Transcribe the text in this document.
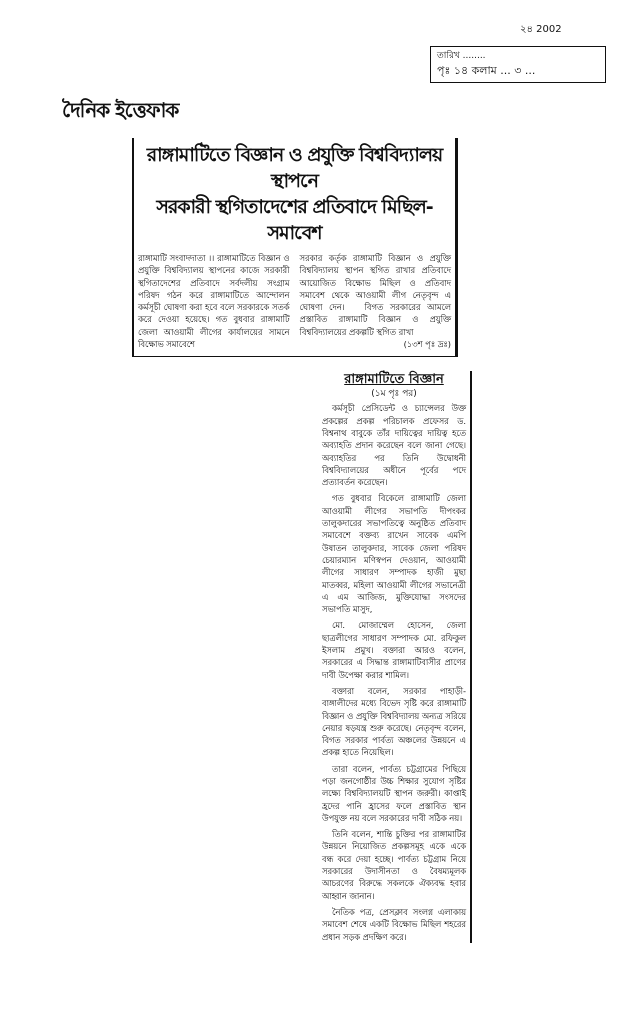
২৪ 2002
তারিখ ........
পৃঃ ১৪ কলাম ... ৩ ...
দৈনিক ইত্তেফাক
রাঙ্গামাটিতে বিজ্ঞান ও প্রযুক্তি বিশ্ববিদ্যালয় স্থাপনে
সরকারী স্থগিতাদেশের প্রতিবাদে মিছিল-সমাবেশ
রাঙ্গামাটি সংবাদদাতা ।। রাঙ্গামাটিতে বিজ্ঞান ও প্রযুক্তি বিশ্ববিদ্যালয় স্থাপনের কাজে সরকারী স্থগিতাদেশের প্রতিবাদে সর্বদলীয় সংগ্রাম পরিষদ গঠন করে রাঙ্গামাটিতে আন্দোলন কর্মসূচী ঘোষণা করা হবে বলে সরকারকে সতর্ক করে দেওয়া হয়েছে। গত বুধবার রাঙ্গামাটি জেলা আওয়ামী লীগের কার্যালয়ের সামনে বিক্ষোভ সমাবেশে
সরকার কর্তৃক রাঙ্গামাটি বিজ্ঞান ও প্রযুক্তি বিশ্ববিদ্যালয় স্থাপন স্থগিত রাখার প্রতিবাদে আয়োজিত বিক্ষোভ মিছিল ও প্রতিবাদ সমাবেশ থেকে আওয়ামী লীগ নেতৃবৃন্দ এ ঘোষণা দেন।   বিগত সরকারের আমলে প্রস্তাবিত রাঙ্গামাটি বিজ্ঞান ও প্রযুক্তি বিশ্ববিদ্যালয়ের প্রকল্পটি স্থগিত রাখা
(১৩শ পৃঃ দ্রঃ)
রাঙ্গামাটিতে বিজ্ঞান
(১ম পৃঃ পর)

কর্মসূচী প্রেসিডেন্ট ও চ্যান্সেলর উক্ত প্রকল্পের প্রকল্প পরিচালক প্রফেসর ড. বিশ্বনাথ বাবুকে তাঁর দায়িত্বের দায়িত্ব হতে অব্যাহতি প্রদান করেছেন বলে জানা গেছে। অব্যাহতির পর তিনি উদ্বোধনী বিশ্ববিদ্যালয়ের অধীনে পূর্বের পদে প্রত্যাবর্তন করেছেন।

গত বুধবার বিকেলে রাঙ্গামাটি জেলা আওয়ামী লীগের সভাপতি দীপংকর তালুকদারের সভাপতিত্বে অনুষ্ঠিত প্রতিবাদ সমাবেশে বক্তব্য রাখেন সাবেক এমপি উষাতন তালুকদার, সাবেক জেলা পরিষদ চেয়ারম্যান মণিস্বপন দেওয়ান, আওয়ামী লীগের সাধারণ সম্পাদক হাজী মুছা মাতব্বর, মহিলা আওয়ামী লীগের সভানেত্রী এ এম আজিজ, মুক্তিযোদ্ধা সংসদের সভাপতি মাসুদ,

মো. মোজাম্মেল হোসেন, জেলা ছাত্রলীগের সাধারণ সম্পাদক মো. রফিকুল ইসলাম প্রমুখ। বক্তারা আরও বলেন, সরকারের এ সিদ্ধান্ত রাঙ্গামাটিবাসীর প্রাণের দাবী উপেক্ষা করার শামিল।

বক্তারা বলেন, সরকার পাহাড়ী-বাঙ্গালীদের মধ্যে বিভেদ সৃষ্টি করে রাঙ্গামাটি বিজ্ঞান ও প্রযুক্তি বিশ্ববিদ্যালয় অন্যত্র সরিয়ে নেয়ার ষড়যন্ত্র শুরু করেছে। নেতৃবৃন্দ বলেন, বিগত সরকার পার্বত্য অঞ্চলের উন্নয়নে এ প্রকল্প হাতে নিয়েছিল।

তারা বলেন, পার্বত্য চট্টগ্রামের পিছিয়ে পড়া জনগোষ্ঠীর উচ্চ শিক্ষার সুযোগ সৃষ্টির লক্ষ্যে বিশ্ববিদ্যালয়টি স্থাপন জরুরী। কাপ্তাই হ্রদের পানি হ্রাসের ফলে প্রস্তাবিত স্থান উপযুক্ত নয় বলে সরকারের দাবী সঠিক নয়।

তিনি বলেন, শান্তি চুক্তির পর রাঙ্গামাটির উন্নয়নে নিয়োজিত প্রকল্পসমূহ একে একে বন্ধ করে দেয়া হচ্ছে। পার্বত্য চট্টগ্রাম নিয়ে সরকারের উদাসীনতা ও বৈষম্যমূলক আচরণের বিরুদ্ধে সকলকে ঐক্যবদ্ধ হবার আহ্বান জানান।

নৈতিক পত্র, প্রেসক্লাব সংলগ্ন এলাকায় সমাবেশ শেষে একটি বিক্ষোভ মিছিল শহরের প্রধান সড়ক প্রদক্ষিণ করে।
